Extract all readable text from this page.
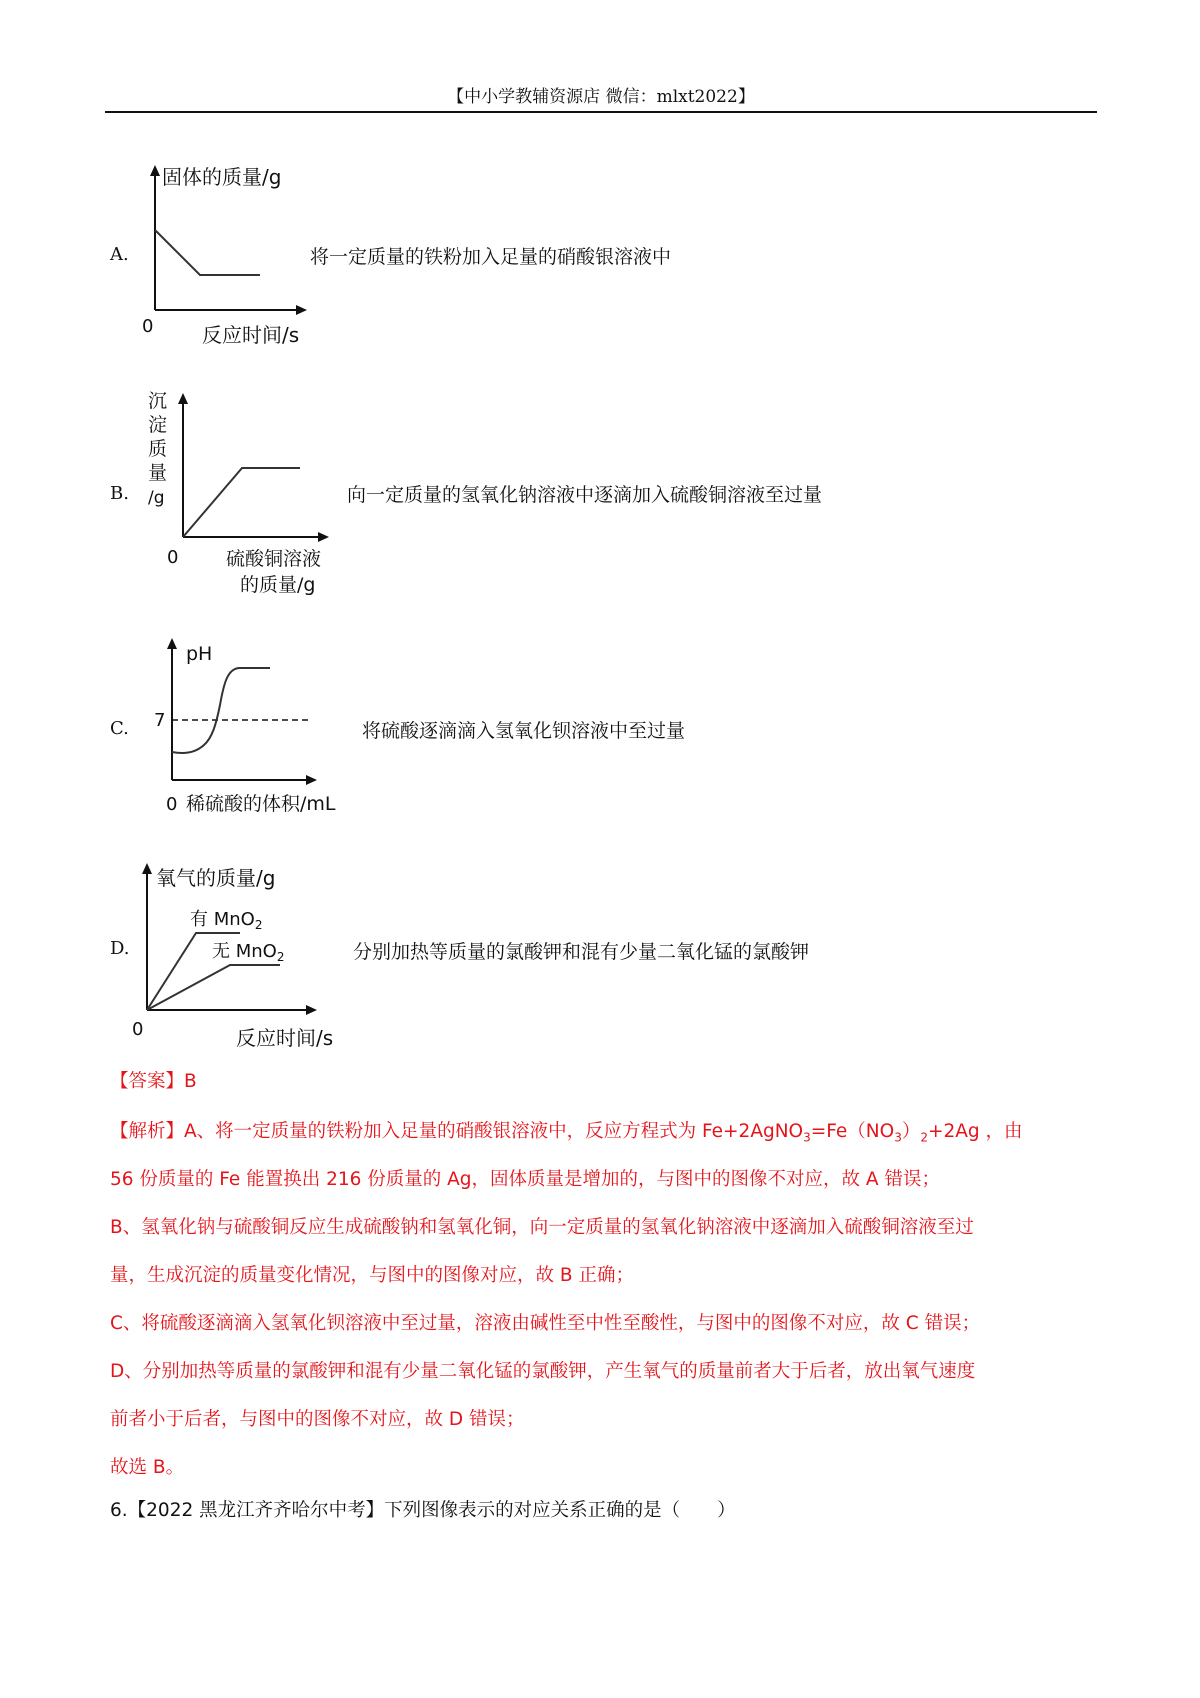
【中小学教辅资源店 微信：mlxt2022】
A.
固体的质量/g
0 反应时间/s
将一定质量的铁粉加入足量的硝酸银溶液中
B.
沉
淀
质
量
/g
0	硫酸铜溶液
的质量/g
向一定质量的氢氧化钠溶液中逐滴加入硫酸铜溶液至过量
C.
pH
7
0 稀硫酸的体积/mL
将硫酸逐滴滴入氢氧化钡溶液中至过量
D.
氧气的质量/g
有 MnO$_2$
无 MnO$_2$
0	反应时间/s
分别加热等质量的氯酸钾和混有少量二氧化锰的氯酸钾
【答案】B
【解析】A、将一定质量的铁粉加入足量的硝酸银溶液中，反应方程式为 $Fe+2AgNO_3=Fe(NO_3)_2+2Ag$ ，由
56 份质量的 Fe 能置换出 216 份质量的 Ag，固体质量是增加的，与图中的图像不对应，故 A 错误；
B、氢氧化钠与硫酸铜反应生成硫酸钠和氢氧化铜，向一定质量的氢氧化钠溶液中逐滴加入硫酸铜溶液至过
量，生成沉淀的质量变化情况，与图中的图像对应，故 B 正确；
C、将硫酸逐滴滴入氢氧化钡溶液中至过量，溶液由碱性至中性至酸性，与图中的图像不对应，故 C 错误；
D、分别加热等质量的氯酸钾和混有少量二氧化锰的氯酸钾，产生氧气的质量前者大于后者，放出氧气速度
前者小于后者，与图中的图像不对应，故 D 错误；
故选 B。
6.【2022 黑龙江齐齐哈尔中考】下列图像表示的对应关系正确的是（　　）
